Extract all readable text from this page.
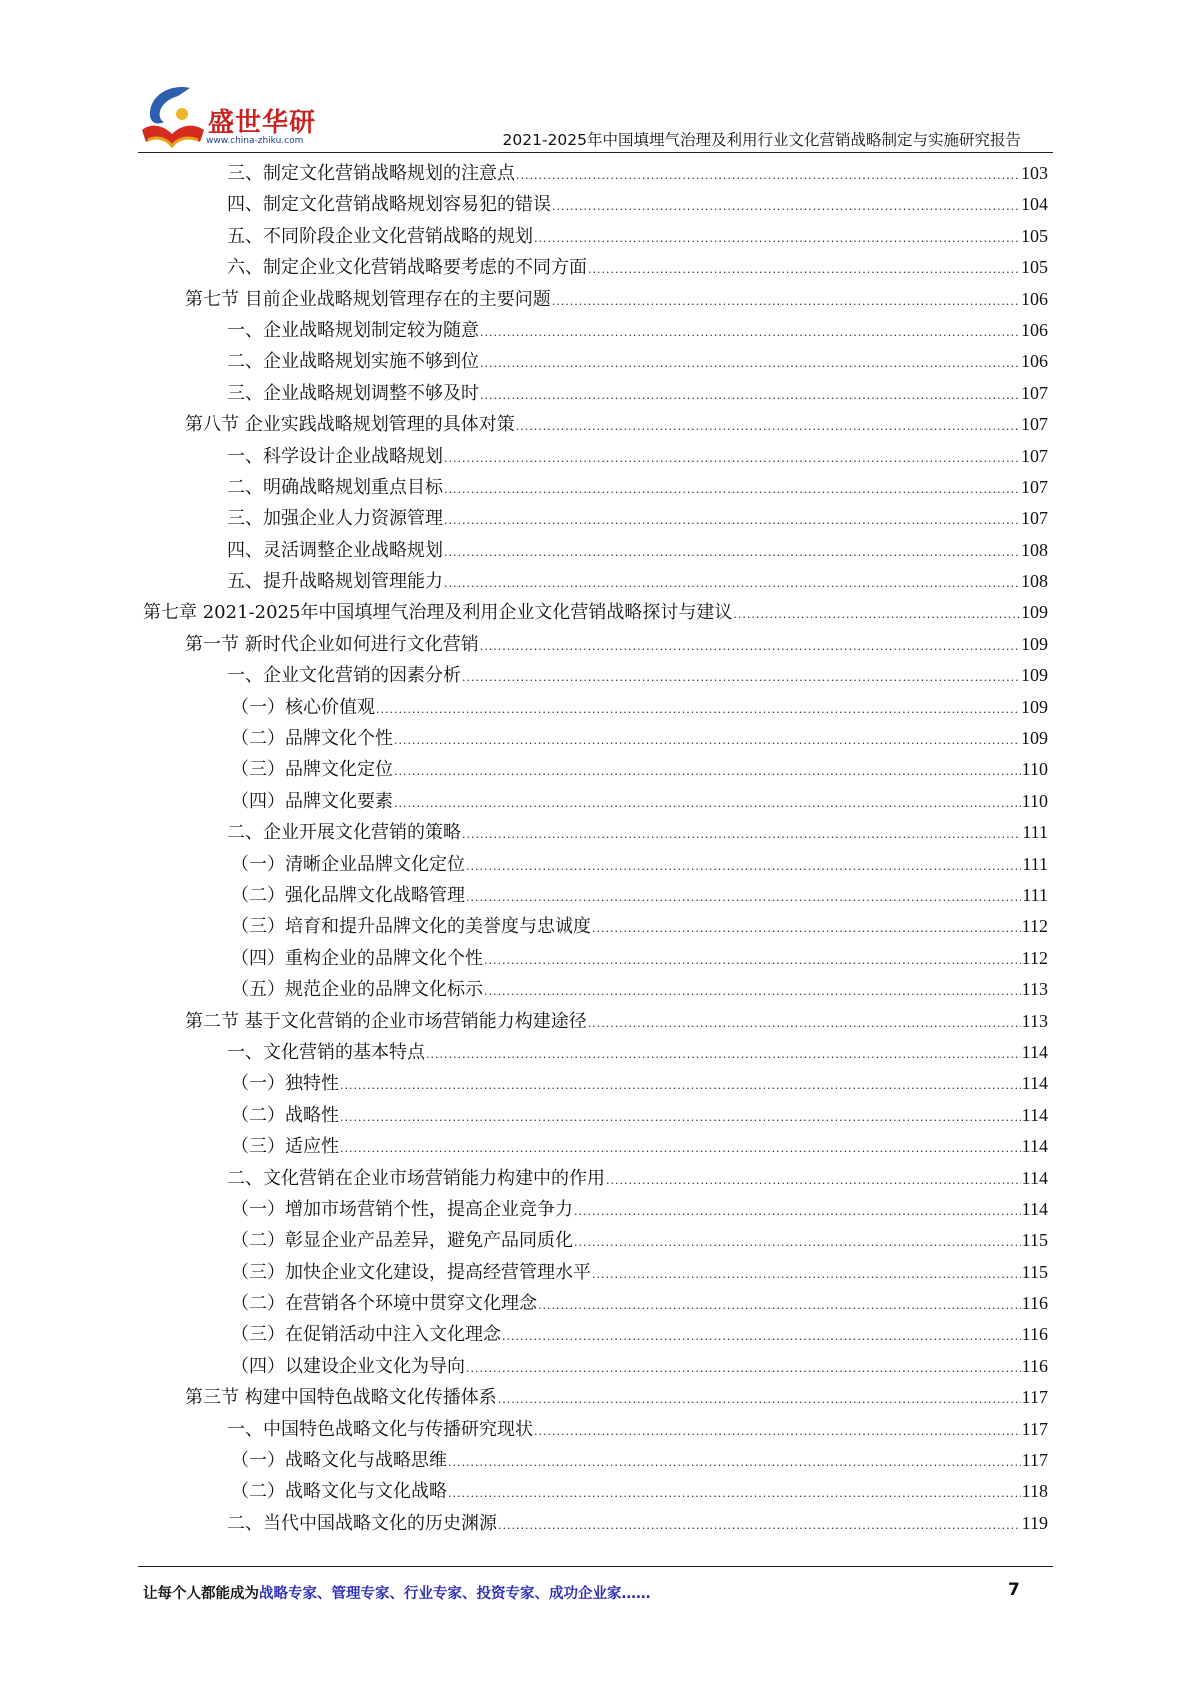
盛世华研
www.china-zhiku.com	2021-2025年中国填埋气治理及利用行业文化营销战略制定与实施研究报告
三、制定文化营销战略规划的注意点 .....	103
四、制定文化营销战略规划容易犯的错误 .....	104
五、不同阶段企业文化营销战略的规划 .....	105
六、制定企业文化营销战略要考虑的不同方面 .....	105
第七节 目前企业战略规划管理存在的主要问题 .....	106
一、企业战略规划制定较为随意 .....	106
二、企业战略规划实施不够到位 .....	106
三、企业战略规划调整不够及时 .....	107
第八节 企业实践战略规划管理的具体对策 .....	107
一、科学设计企业战略规划 .....	107
二、明确战略规划重点目标 .....	107
三、加强企业人力资源管理 .....	107
四、灵活调整企业战略规划 .....	108
五、提升战略规划管理能力 .....	108
第七章 2021-2025年中国填埋气治理及利用企业文化营销战略探讨与建议 .....	109
第一节 新时代企业如何进行文化营销 .....	109
一、企业文化营销的因素分析 .....	109
（一）核心价值观 .....	109
（二）品牌文化个性 .....	109
（三）品牌文化定位 .....	110
（四）品牌文化要素 .....	110
二、企业开展文化营销的策略 .....	111
（一）清晰企业品牌文化定位 .....	111
（二）强化品牌文化战略管理 .....	111
（三）培育和提升品牌文化的美誉度与忠诚度 .....	112
（四）重构企业的品牌文化个性 .....	112
（五）规范企业的品牌文化标示 .....	113
第二节 基于文化营销的企业市场营销能力构建途径 .....	113
一、文化营销的基本特点 .....	114
（一）独特性 .....	114
（二）战略性 .....	114
（三）适应性 .....	114
二、文化营销在企业市场营销能力构建中的作用 .....	114
（一）增加市场营销个性，提高企业竞争力 .....	114
（二）彰显企业产品差异，避免产品同质化 .....	115
（三）加快企业文化建设，提高经营管理水平 .....	115
（二）在营销各个环境中贯穿文化理念 .....	116
（三）在促销活动中注入文化理念 .....	116
（四）以建设企业文化为导向 .....	116
第三节 构建中国特色战略文化传播体系 .....	117
一、中国特色战略文化与传播研究现状 .....	117
（一）战略文化与战略思维 .....	117
（二）战略文化与文化战略 .....	118
二、当代中国战略文化的历史渊源 .....	119
让每个人都能成为战略专家、管理专家、行业专家、投资专家、成功企业家……	7
